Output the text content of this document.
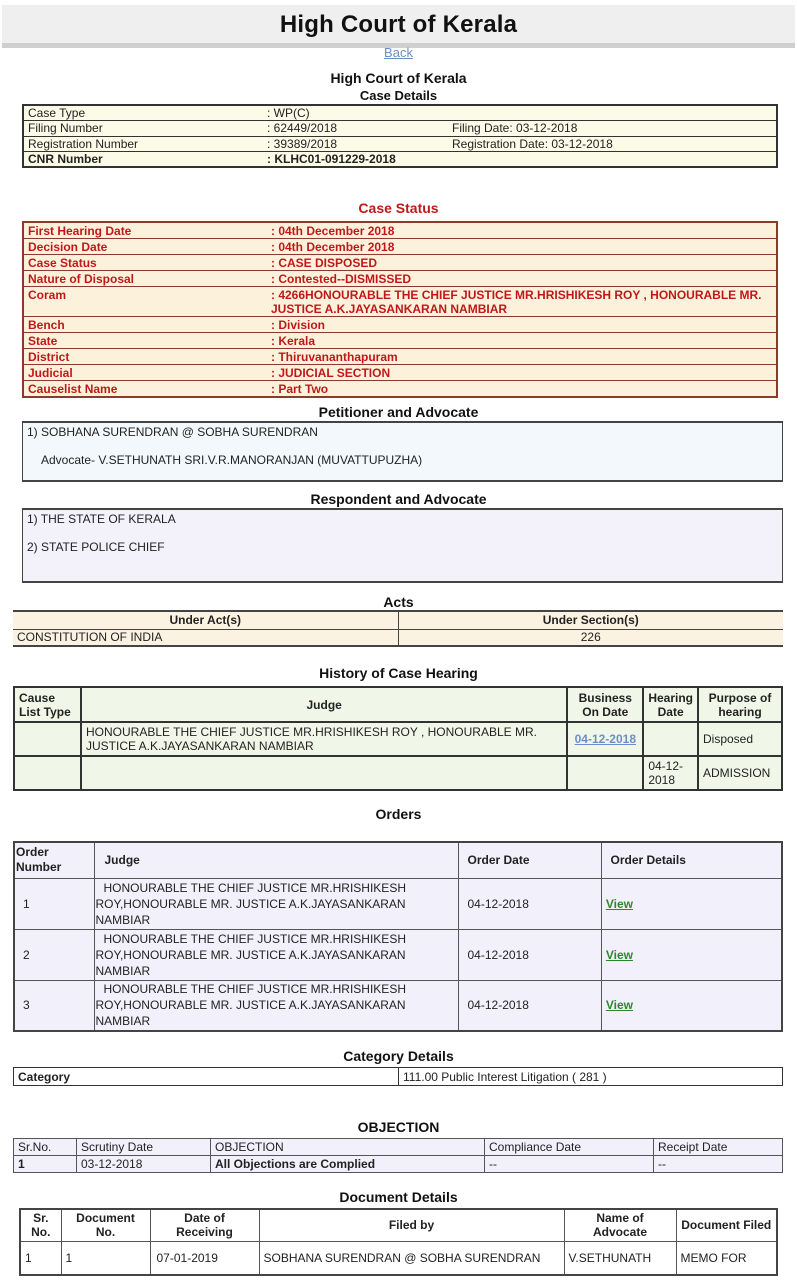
High Court of Kerala
Back
High Court of Kerala
Case Details
Case Type	: WP(C)	
Filing Number	: 62449/2018	Filing Date: 03-12-2018
Registration Number	: 39389/2018	Registration Date: 03-12-2018
CNR Number	: KLHC01-091229-2018	
Case Status
First Hearing Date	: 04th December 2018
Decision Date	: 04th December 2018
Case Status	: CASE DISPOSED
Nature of Disposal	: Contested--DISMISSED
Coram	: 4266HONOURABLE THE CHIEF JUSTICE MR.HRISHIKESH ROY , HONOURABLE MR. JUSTICE A.K.JAYASANKARAN NAMBIAR
Bench	: Division
State	: Kerala
District	: Thiruvananthapuram
Judicial	: JUDICIAL SECTION
Causelist Name	: Part Two
Petitioner and Advocate

1) SOBHANA SURENDRAN @ SOBHA SURENDRAN

Advocate- V.SETHUNATH SRI.V.R.MANORANJAN (MUVATTUPUZHA)

Respondent and Advocate

1) THE STATE OF KERALA

2) STATE POLICE CHIEF

Acts
Under Act(s)	Under Section(s)
CONSTITUTION OF INDIA	226
History of Case Hearing
Cause List Type	Judge	Business On Date	Hearing Date	Purpose of hearing
	HONOURABLE THE CHIEF JUSTICE MR.HRISHIKESH ROY , HONOURABLE MR. JUSTICE A.K.JAYASANKARAN NAMBIAR	04-12-2018		Disposed
			04-12-2018	ADMISSION
Orders
Order Number	Judge	Order Date	Order Details
1	HONOURABLE THE CHIEF JUSTICE MR.HRISHIKESH ROY,HONOURABLE MR. JUSTICE A.K.JAYASANKARAN NAMBIAR	04-12-2018	View
2	HONOURABLE THE CHIEF JUSTICE MR.HRISHIKESH ROY,HONOURABLE MR. JUSTICE A.K.JAYASANKARAN NAMBIAR	04-12-2018	View
3	HONOURABLE THE CHIEF JUSTICE MR.HRISHIKESH ROY,HONOURABLE MR. JUSTICE A.K.JAYASANKARAN NAMBIAR	04-12-2018	View
Category Details
Category	111.00 Public Interest Litigation ( 281 )
OBJECTION
Sr.No.	Scrutiny Date	OBJECTION	Compliance Date	Receipt Date
1	03-12-2018	All Objections are Complied	--	--
Document Details
Sr. No.	Document No.	Date of Receiving	Filed by	Name of Advocate	Document Filed
1	1	07-01-2019	SOBHANA SURENDRAN @ SOBHA SURENDRAN	V.SETHUNATH	MEMO FOR
